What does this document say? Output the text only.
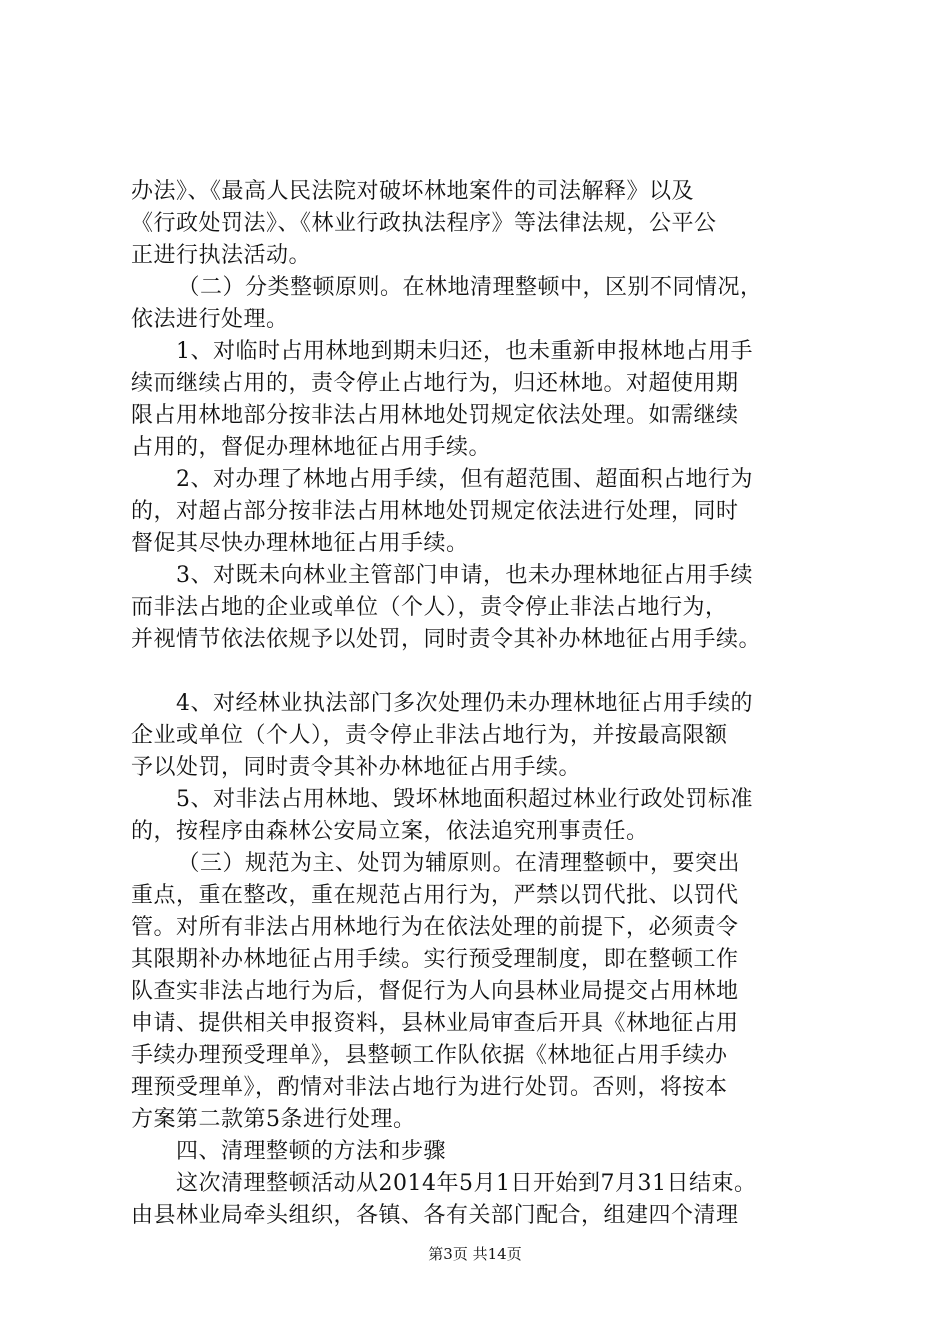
办法》、《最高人民法院对破坏林地案件的司法解释》以及
《行政处罚法》、《林业行政执法程序》等法律法规，公平公
正进行执法活动。
　（二）分类整顿原则。在林地清理整顿中，区别不同情况，
依法进行处理。
1、对临时占用林地到期未归还，也未重新申报林地占用手
续而继续占用的，责令停止占地行为，归还林地。对超使用期
限占用林地部分按非法占用林地处罚规定依法处理。如需继续
占用的，督促办理林地征占用手续。
2、对办理了林地占用手续，但有超范围、超面积占地行为
的，对超占部分按非法占用林地处罚规定依法进行处理，同时
督促其尽快办理林地征占用手续。
3、对既未向林业主管部门申请，也未办理林地征占用手续
而非法占地的企业或单位（个人），责令停止非法占地行为，
并视情节依法依规予以处罚，同时责令其补办林地征占用手续。
4、对经林业执法部门多次处理仍未办理林地征占用手续的
企业或单位（个人），责令停止非法占地行为，并按最高限额
予以处罚，同时责令其补办林地征占用手续。
5、对非法占用林地、毁坏林地面积超过林业行政处罚标准
的，按程序由森林公安局立案，依法追究刑事责任。
　（三）规范为主、处罚为辅原则。在清理整顿中，要突出
重点，重在整改，重在规范占用行为，严禁以罚代批、以罚代
管。对所有非法占用林地行为在依法处理的前提下，必须责令
其限期补办林地征占用手续。实行预受理制度，即在整顿工作
队查实非法占地行为后，督促行为人向县林业局提交占用林地
申请、提供相关申报资料，县林业局审查后开具《林地征占用
手续办理预受理单》，县整顿工作队依据《林地征占用手续办
理预受理单》，酌情对非法占地行为进行处罚。否则，将按本
方案第二款第5条进行处理。
四、清理整顿的方法和步骤
这次清理整顿活动从2014年5月1日开始到7月31日结束。
由县林业局牵头组织，各镇、各有关部门配合，组建四个清理
第3页 共14页
